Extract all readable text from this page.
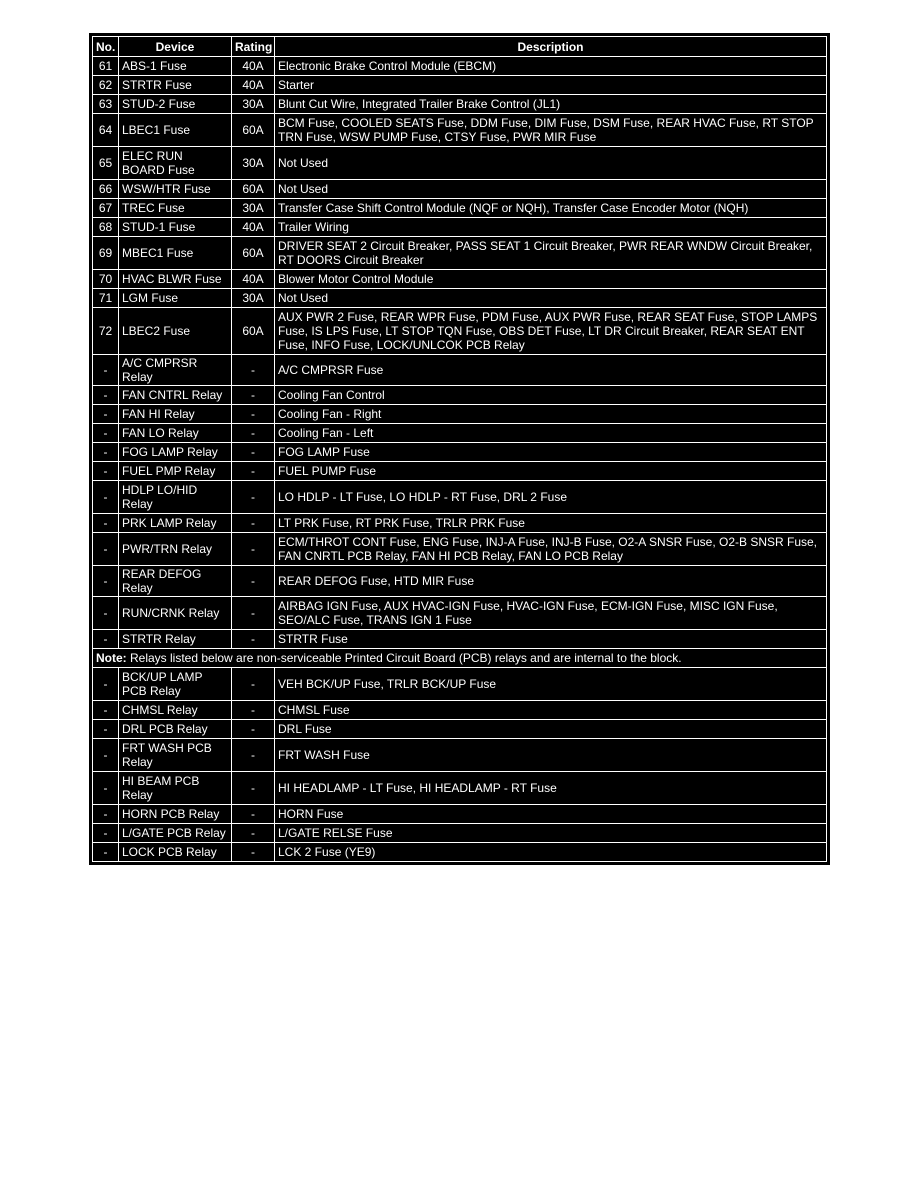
No.	Device	Rating	Description
61	ABS-1 Fuse	40A	Electronic Brake Control Module (EBCM)
62	STRTR Fuse	40A	Starter
63	STUD-2 Fuse	30A	Blunt Cut Wire, Integrated Trailer Brake Control (JL1)
64	LBEC1 Fuse	60A	BCM Fuse, COOLED SEATS Fuse, DDM Fuse, DIM Fuse, DSM Fuse, REAR HVAC Fuse, RT STOP TRN Fuse, WSW PUMP Fuse, CTSY Fuse, PWR MIR Fuse
65	ELEC RUN BOARD Fuse	30A	Not Used
66	WSW/HTR Fuse	60A	Not Used
67	TREC Fuse	30A	Transfer Case Shift Control Module (NQF or NQH), Transfer Case Encoder Motor (NQH)
68	STUD-1 Fuse	40A	Trailer Wiring
69	MBEC1 Fuse	60A	DRIVER SEAT 2 Circuit Breaker, PASS SEAT 1 Circuit Breaker, PWR REAR WNDW Circuit Breaker, RT DOORS Circuit Breaker
70	HVAC BLWR Fuse	40A	Blower Motor Control Module
71	LGM Fuse	30A	Not Used
72	LBEC2 Fuse	60A	AUX PWR 2 Fuse, REAR WPR Fuse, PDM Fuse, AUX PWR Fuse, REAR SEAT Fuse, STOP LAMPS Fuse, IS LPS Fuse, LT STOP TQN Fuse, OBS DET Fuse, LT DR Circuit Breaker, REAR SEAT ENT Fuse, INFO Fuse, LOCK/UNLCOK PCB Relay
-	A/C CMPRSR Relay	-	A/C CMPRSR Fuse
-	FAN CNTRL Relay	-	Cooling Fan Control
-	FAN HI Relay	-	Cooling Fan - Right
-	FAN LO Relay	-	Cooling Fan - Left
-	FOG LAMP Relay	-	FOG LAMP Fuse
-	FUEL PMP Relay	-	FUEL PUMP Fuse
-	HDLP LO/HID Relay	-	LO HDLP - LT Fuse, LO HDLP - RT Fuse, DRL 2 Fuse
-	PRK LAMP Relay	-	LT PRK Fuse, RT PRK Fuse, TRLR PRK Fuse
-	PWR/TRN Relay	-	ECM/THROT CONT Fuse, ENG Fuse, INJ-A Fuse, INJ-B Fuse, O2-A SNSR Fuse, O2-B SNSR Fuse, FAN CNRTL PCB Relay, FAN HI PCB Relay, FAN LO PCB Relay
-	REAR DEFOG Relay	-	REAR DEFOG Fuse, HTD MIR Fuse
-	RUN/CRNK Relay	-	AIRBAG IGN Fuse, AUX HVAC-IGN Fuse, HVAC-IGN Fuse, ECM-IGN Fuse, MISC IGN Fuse, SEO/ALC Fuse, TRANS IGN 1 Fuse
-	STRTR Relay	-	STRTR Fuse
Note: Relays listed below are non-serviceable Printed Circuit Board (PCB) relays and are internal to the block.			
-	BCK/UP LAMP PCB Relay	-	VEH BCK/UP Fuse, TRLR BCK/UP Fuse
-	CHMSL Relay	-	CHMSL Fuse
-	DRL PCB Relay	-	DRL Fuse
-	FRT WASH PCB Relay	-	FRT WASH Fuse
-	HI BEAM PCB Relay	-	HI HEADLAMP - LT Fuse, HI HEADLAMP - RT Fuse
-	HORN PCB Relay	-	HORN Fuse
-	L/GATE PCB Relay	-	L/GATE RELSE Fuse
-	LOCK PCB Relay	-	LCK 2 Fuse (YE9)
